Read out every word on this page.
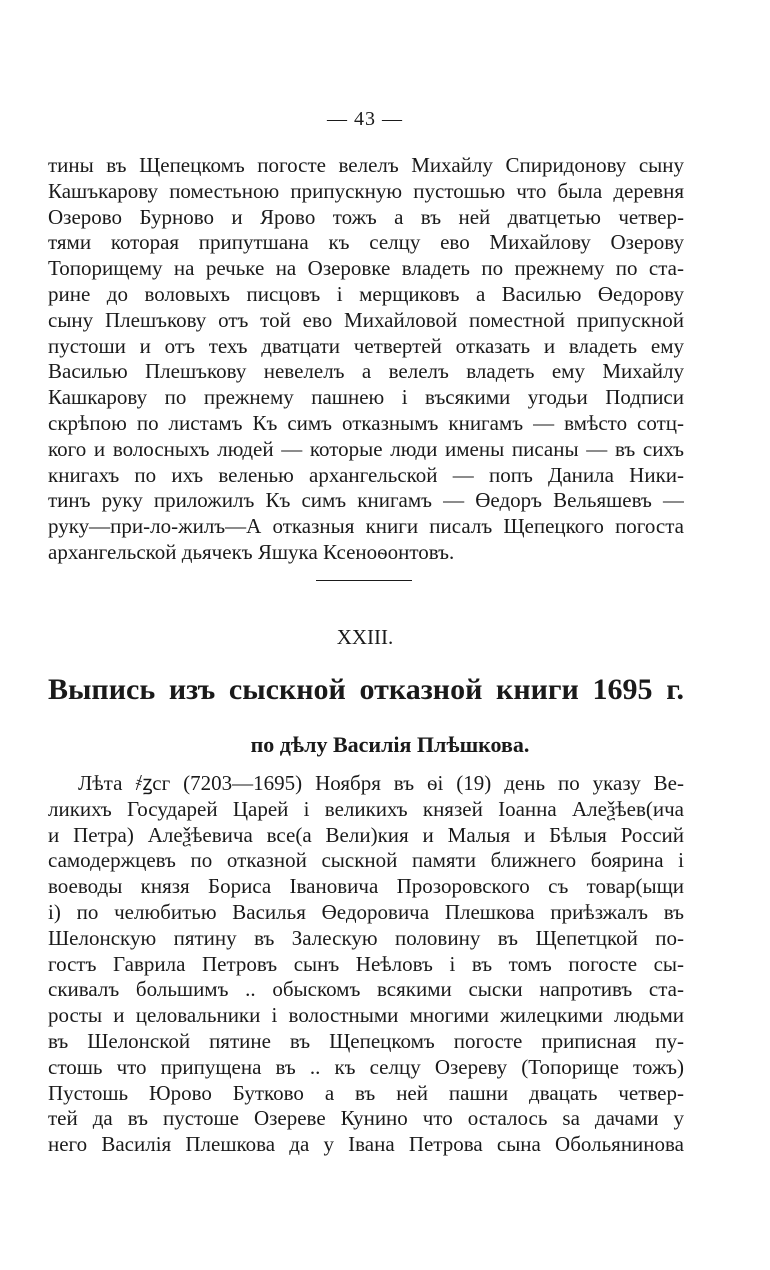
— 43 —
тины въ Щепецкомъ погосте велелъ Михайлу Спиридонову сыну
Кашъкарову поместьною припускную пустошью что была деревня
Озерово Бурново и Ярово тожъ а въ ней дватцетью четвер-
тями которая припутшана къ селцу ево Михайлову Озерову
Топорищему на речьке на Озеровке владеть по прежнему по ста-
рине до воловыхъ писцовъ і мерщиковъ а Василью Өедорову
сыну Плешъкову отъ той ево Михайловой поместной припускной
пустоши и отъ техъ дватцати четвертей отказать и владеть ему
Василью Плешъкову невелелъ а велелъ владеть ему Михайлу
Кашкарову по прежнему пашнею і въсякими угодьи Подписи
скрѣпою по листамъ Къ симъ отказнымъ книгамъ — вмѣсто сотц-
кого и волосныхъ людей — которые люди имены писаны — въ сихъ
книгахъ по ихъ веленью архангельской — попъ Данила Ники-
тинъ руку приложилъ Къ симъ книгамъ — Өедоръ Вельяшевъ —
руку—при-ло-жилъ—А отказныя книги писалъ Щепецкого погоста
архангельской дьячекъ Яшука Ксеноѳонтовъ.
XXIII.
Выпись изъ сыскной отказной книги 1695 г.
по дѣлу Василія Плѣшкова.
Лѣта ҂ꙁсг (7203—1695) Ноября въ ѳі (19) день по указу Ве-
ликихъ Государей Царей і великихъ князей Іоанна Алеѯѣев(ича
и Петра) Алеѯѣевича все(а Вели)кия и Малыя и Бѣлыя Россий
самодержцевъ по отказной сыскной памяти ближнего боярина і
воеводы князя Бориса Івановича Прозоровского съ товар(ыщи
і) по челюбитью Василья Өедоровича Плешкова приѣзжалъ въ
Шелонскую пятину въ Залескую половину въ Щепетцкой по-
гостъ Гаврила Петровъ сынъ Неѣловъ і въ томъ погосте сы-
скивалъ большимъ .. обыскомъ всякими сыски напротивъ ста-
росты и целовальники і волостными многими жилецкими людьми
въ Шелонской пятине въ Щепецкомъ погосте приписная пу-
стошь что припущена въ .. къ селцу Озереву (Топорище тожъ)
Пустошь Юрово Бутково а въ ней пашни двацать четвер-
тей да въ пустоше Озереве Кунино что осталось ѕа дачами у
него Василія Плешкова да у Івана Петрова сына Обольянинова
